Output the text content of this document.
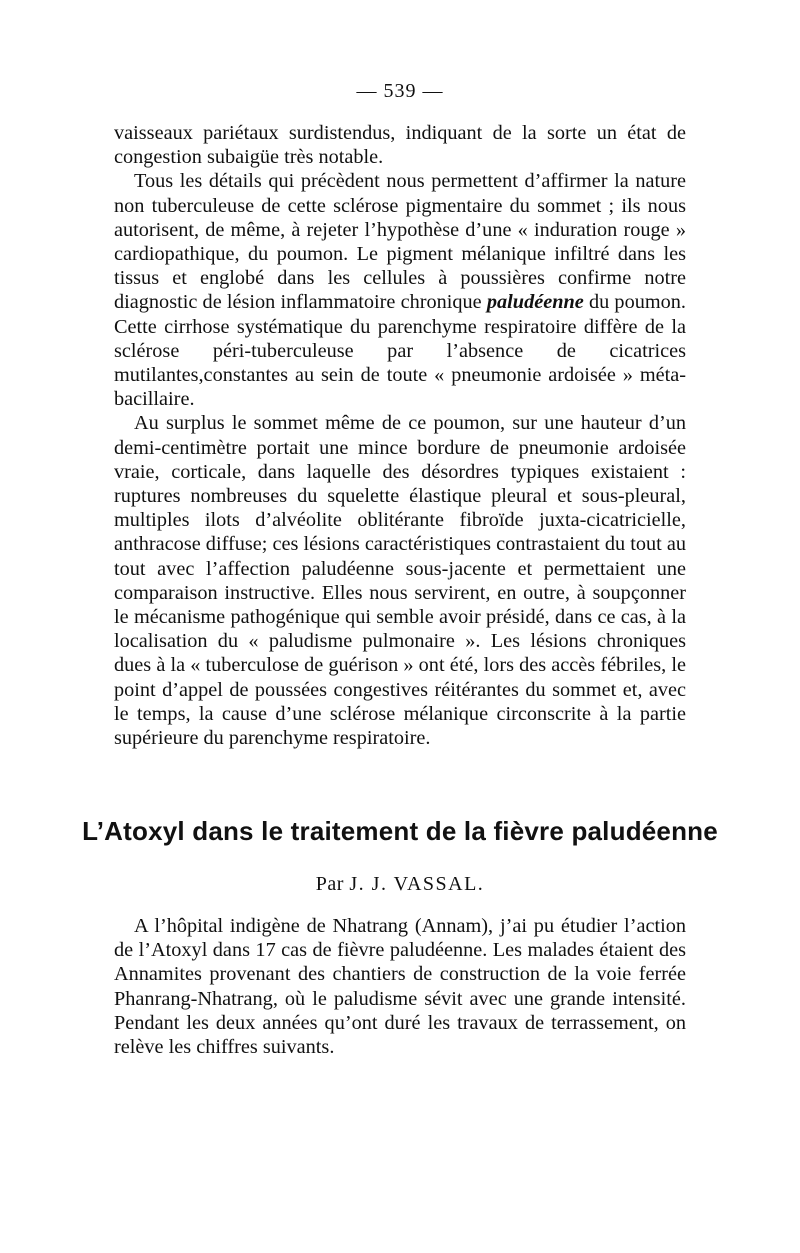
— 539 —

vaisseaux pariétaux surdistendus, indiquant de la sorte un état de congestion subaigüe très notable.

Tous les détails qui précèdent nous permettent d’affirmer la nature non tuberculeuse de cette sclérose pigmentaire du sommet ; ils nous autorisent, de même, à rejeter l’hypothèse d’une « induration rouge » cardiopathique, du poumon. Le pigment mélanique infiltré dans les tissus et englobé dans les cellules à poussières confirme notre diagnostic de lésion inflammatoire chronique paludéenne du poumon. Cette cirrhose systématique du parenchyme respiratoire diffère de la sclérose péri-tuberculeuse par l’absence de cicatrices mutilantes,constantes au sein de toute « pneumonie ardoisée » méta-bacillaire.

Au surplus le sommet même de ce poumon, sur une hauteur d’un demi-centimètre portait une mince bordure de pneumonie ardoisée vraie, corticale, dans laquelle des désordres typiques existaient : ruptures nombreuses du squelette élastique pleural et sous-pleural, multiples ilots d’alvéolite oblitérante fibroïde juxta-cicatricielle, anthracose diffuse; ces lésions caractéristiques contrastaient du tout au tout avec l’affection paludéenne sous-jacente et permettaient une comparaison instructive. Elles nous servirent, en outre, à soupçonner le mécanisme pathogénique qui semble avoir présidé, dans ce cas, à la localisation du « paludisme pulmonaire ». Les lésions chroniques dues à la « tuberculose de guérison » ont été, lors des accès fébriles, le point d’appel de poussées congestives réitérantes du sommet et, avec le temps, la cause d’une sclérose mélanique circonscrite à la partie supérieure du parenchyme respiratoire.

L’Atoxyl dans le traitement de la fièvre paludéenne
Par J. J. VASSAL.

A l’hôpital indigène de Nhatrang (Annam), j’ai pu étudier l’action de l’Atoxyl dans 17 cas de fièvre paludéenne. Les malades étaient des Annamites provenant des chantiers de construction de la voie ferrée Phanrang-Nhatrang, où le paludisme sévit avec une grande intensité. Pendant les deux années qu’ont duré les travaux de terrassement, on relève les chiffres suivants.
